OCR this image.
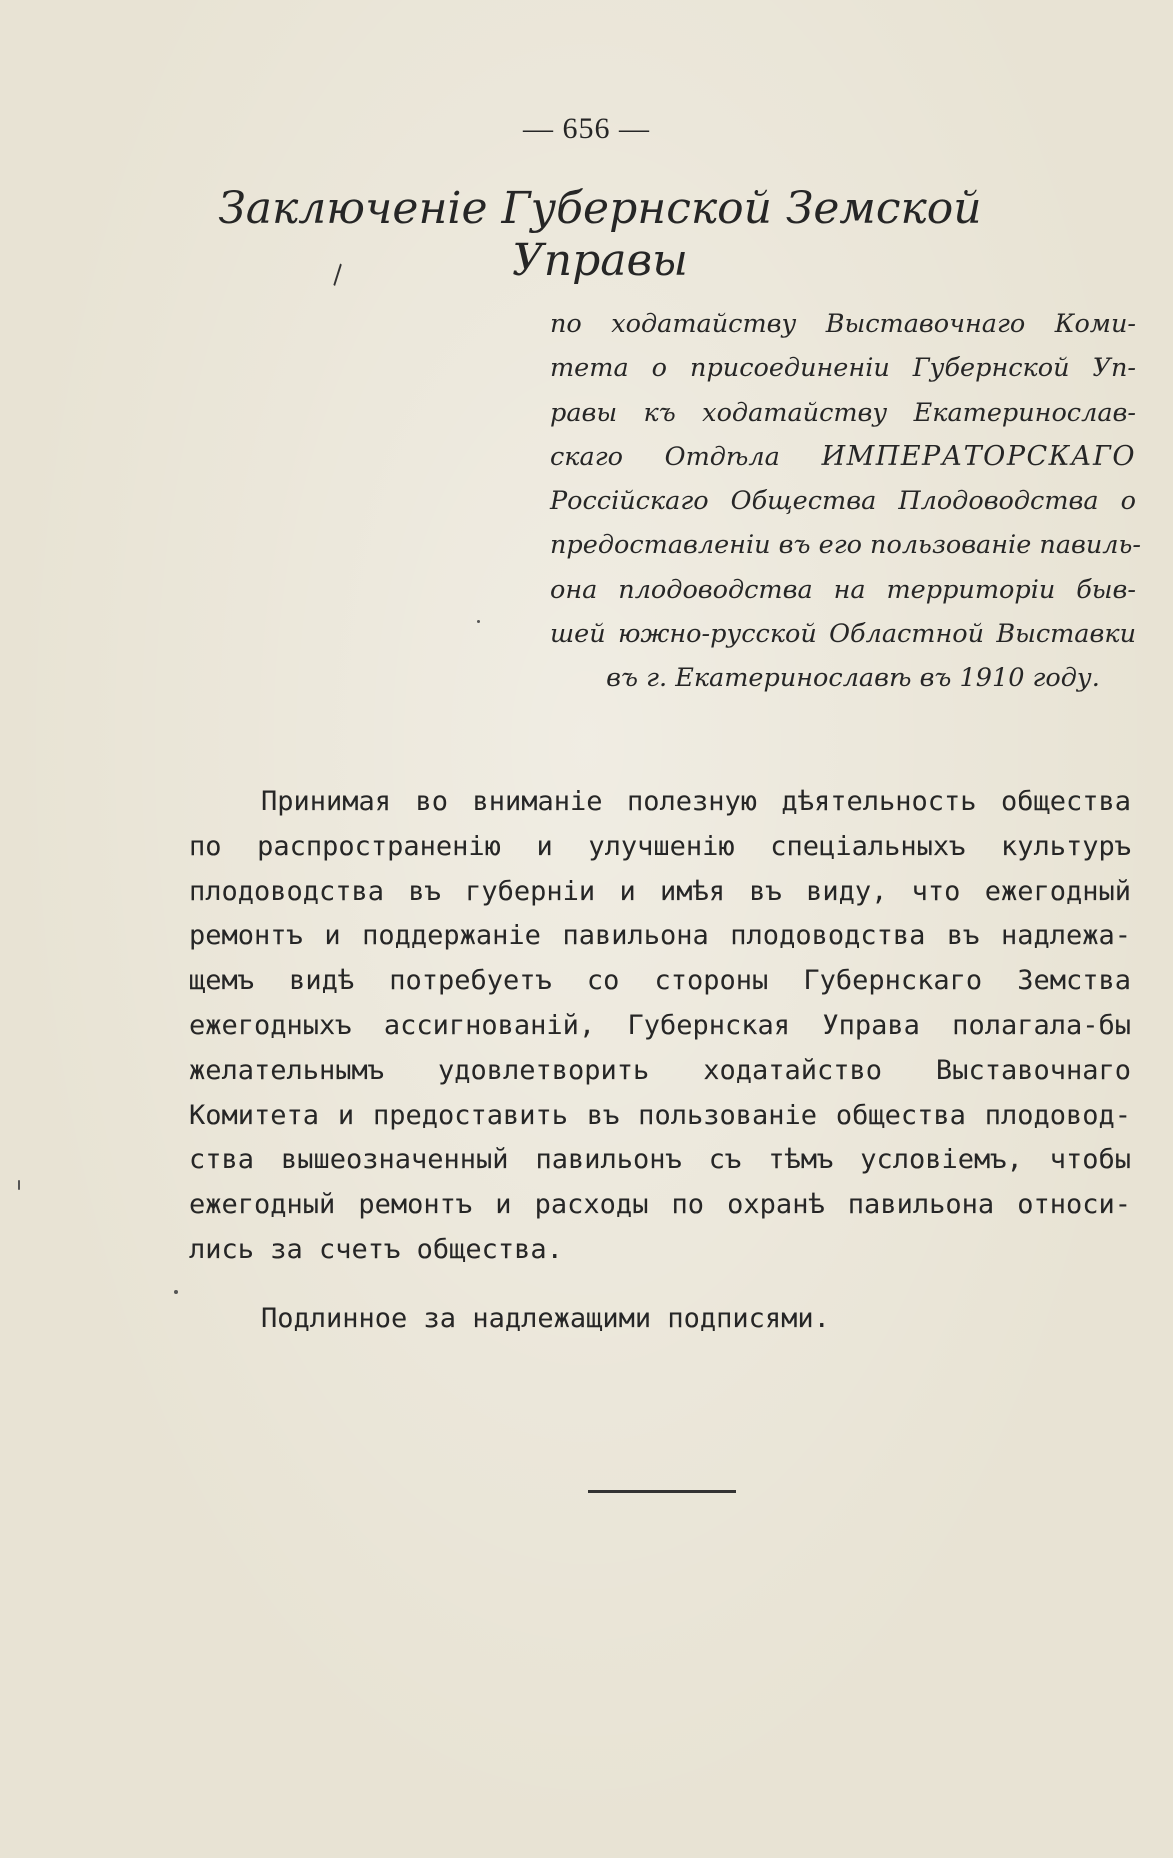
— 656 —
Заключеніе Губернской Земской Управы
\
по ходатайству Выставочнаго Коми-
тета о присоединеніи Губернской Уп-
равы къ ходатайству Екатеринослав-
скаго Отдѣла ИМПЕРАТОРСКАГО
Россійскаго Общества Плодоводства о
предоставленіи въ его пользованіе павиль-
она плодоводства на территоріи быв-
шей южно-русской Областной Выставки
въ г. Екатеринославѣ въ 1910 году.
Принимая во вниманіе полезную дѣятельность общества
по распространенію и улучшенію спеціальныхъ культуръ
плодоводства въ губерніи и имѣя въ виду, что ежегодный
ремонтъ и поддержаніе павильона плодоводства въ надлежа-
щемъ видѣ потребуетъ со стороны Губернскаго Земства
ежегодныхъ ассигнованій, Губернская Управа полагала-бы
желательнымъ удовлетворить ходатайство Выставочнаго
Комитета и предоставить въ пользованіе общества плодовод-
ства вышеозначенный павильонъ съ тѣмъ условіемъ, чтобы
ежегодный ремонтъ и расходы по охранѣ павильона относи-
лись за счетъ общества.
Подлинное за надлежащими подписями.
